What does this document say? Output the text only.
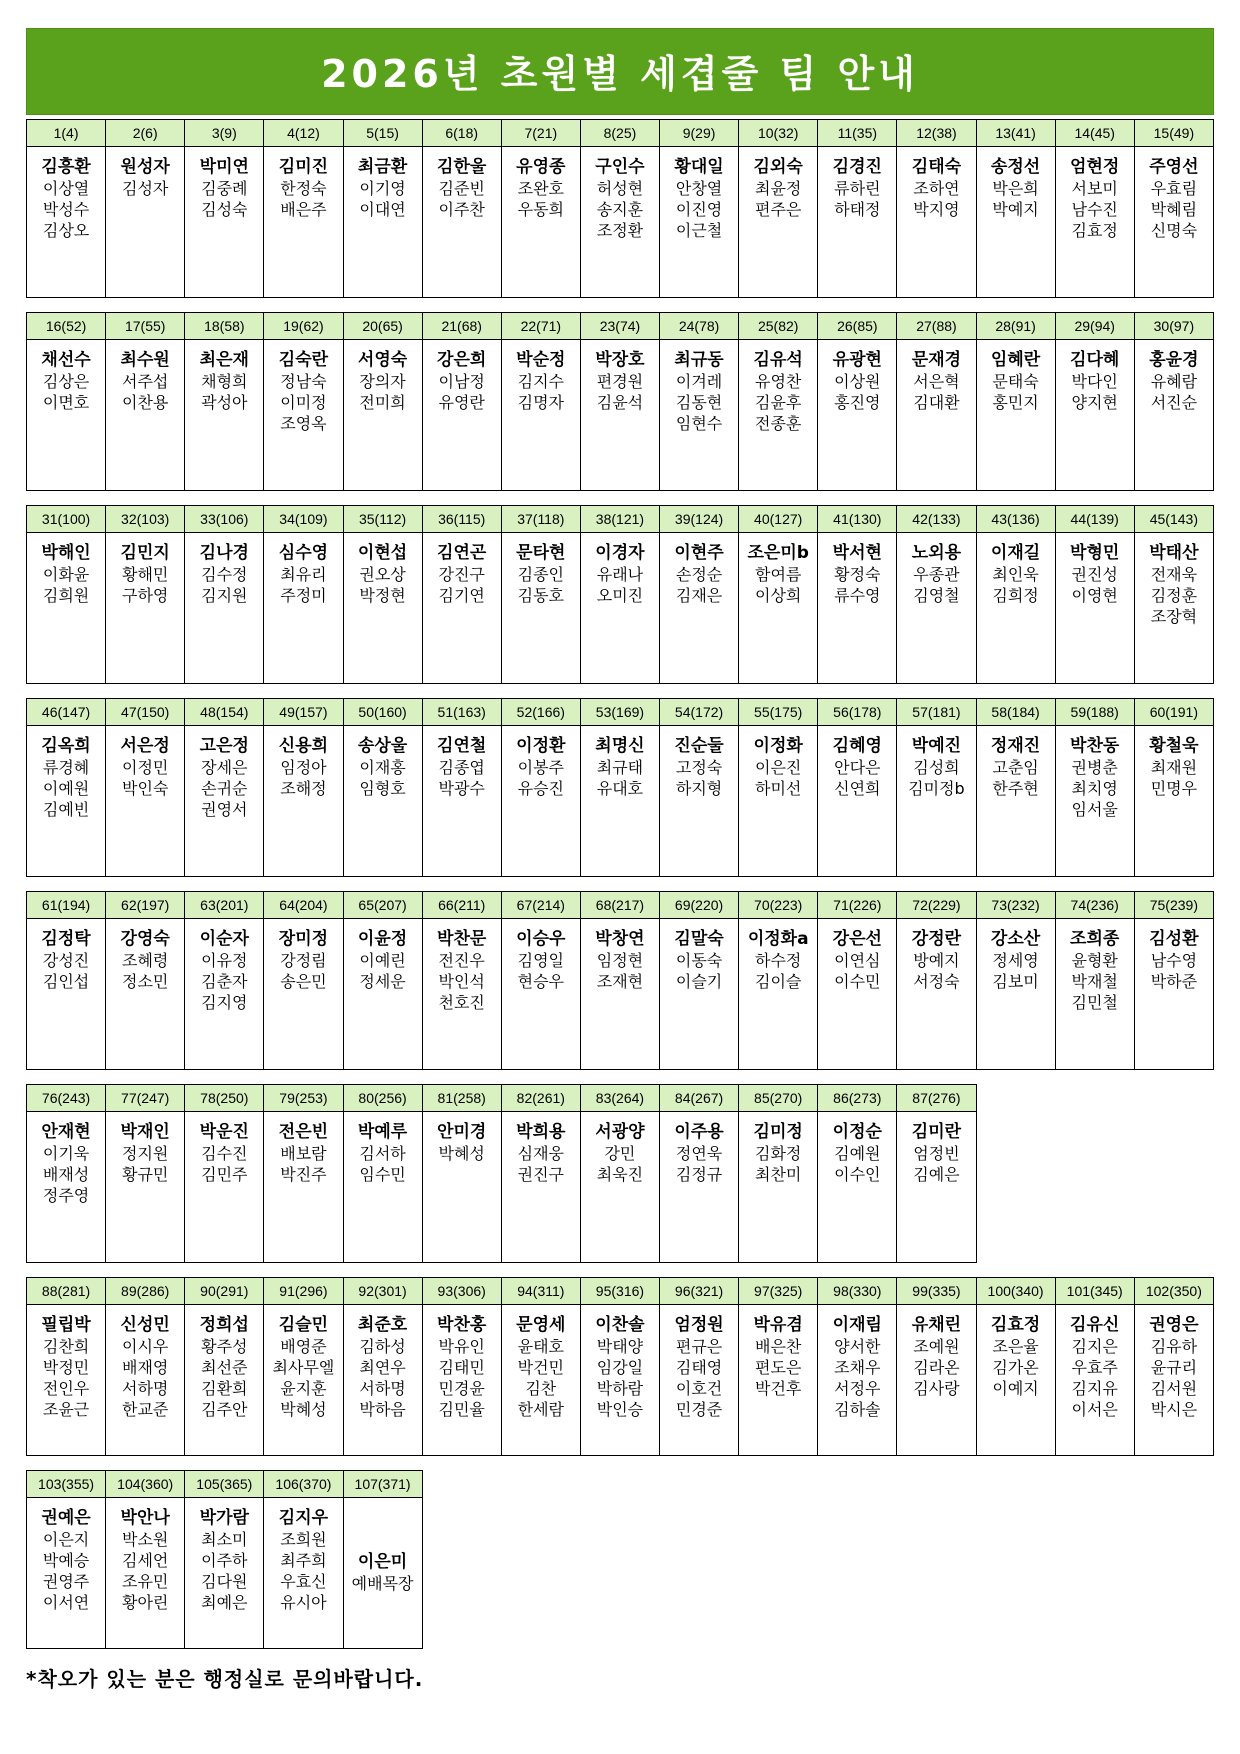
2026년 초원별 세겹줄 팀 안내
1(4)	2(6)	3(9)	4(12)	5(15)	6(18)	7(21)	8(25)	9(29)	10(32)	11(35)	12(38)	13(41)	14(45)	15(49)

김흥환
이상열
박성수
김상오

원성자
김성자

박미연
김중례
김성숙

김미진
한정숙
배은주

최금환
이기영
이대연

김한울
김준빈
이주찬

유영종
조완호
우동희

구인수
허성현
송지훈
조정환

황대일
안창열
이진영
이근철

김외숙
최윤정
편주은

김경진
류하린
하태정

김태숙
조하연
박지영

송정선
박은희
박예지

엄현정
서보미
남수진
김효정

주영선
우효림
박혜림
신명숙

16(52)	17(55)	18(58)	19(62)	20(65)	21(68)	22(71)	23(74)	24(78)	25(82)	26(85)	27(88)	28(91)	29(94)	30(97)

채선수
김상은
이면호

최수원
서주섭
이찬용

최은재
채형희
곽성아

김숙란
정남숙
이미정
조영옥

서영숙
장의자
전미희

강은희
이남정
유영란

박순정
김지수
김명자

박장호
편경원
김윤석

최규동
이겨레
김동현
임현수

김유석
유영찬
김윤후
전종훈

유광현
이상원
홍진영

문재경
서은혁
김대환

임혜란
문태숙
홍민지

김다혜
박다인
양지현

홍윤경
유혜람
서진순

31(100)	32(103)	33(106)	34(109)	35(112)	36(115)	37(118)	38(121)	39(124)	40(127)	41(130)	42(133)	43(136)	44(139)	45(143)

박해인
이화윤
김희원

김민지
황해민
구하영

김나경
김수정
김지원

심수영
최유리
주정미

이현섭
권오상
박정현

김연곤
강진구
김기연

문타현
김종인
김동호

이경자
유래나
오미진

이현주
손정순
김재은

조은미b
함여름
이상희

박서현
황정숙
류수영

노외용
우종관
김영철

이재길
최인욱
김희정

박형민
권진성
이영현

박태산
전재욱
김정훈
조장혁

46(147)	47(150)	48(154)	49(157)	50(160)	51(163)	52(166)	53(169)	54(172)	55(175)	56(178)	57(181)	58(184)	59(188)	60(191)

김옥희
류경혜
이예원
김예빈

서은정
이정민
박인숙

고은정
장세은
손귀순
권영서

신용희
임정아
조해정

송상울
이재홍
임형호

김연철
김종엽
박광수

이정환
이봉주
유승진

최명신
최규태
유대호

진순둘
고정숙
하지형

이정화
이은진
하미선

김혜영
안다은
신연희

박예진
김성희
김미정b

정재진
고춘임
한주현

박찬동
권병춘
최치영
임서울

황철욱
최재원
민명우

61(194)	62(197)	63(201)	64(204)	65(207)	66(211)	67(214)	68(217)	69(220)	70(223)	71(226)	72(229)	73(232)	74(236)	75(239)

김정탁
강성진
김인섭

강영숙
조혜령
정소민

이순자
이유정
김춘자
김지영

장미정
강정림
송은민

이윤정
이예린
정세운

박찬문
전진우
박인석
천호진

이승우
김영일
현승우

박창연
임정현
조재현

김말숙
이동숙
이슬기

이정화a
하수정
김이슬

강은선
이연심
이수민

강정란
방예지
서정숙

강소산
정세영
김보미

조희종
윤형환
박재철
김민철

김성환
남수영
박하준

76(243)	77(247)	78(250)	79(253)	80(256)	81(258)	82(261)	83(264)	84(267)	85(270)	86(273)	87(276)			

안재현
이기욱
배재성
정주영

박재인
정지원
황규민

박운진
김수진
김민주

전은빈
배보람
박진주

박예루
김서하
임수민

안미경
박혜성

박희용
심재웅
권진구

서광양
강민
최욱진

이주용
정연욱
김정규

김미정
김화정
최찬미

이정순
김예원
이수인

김미란
엄정빈
김예은

88(281)	89(286)	90(291)	91(296)	92(301)	93(306)	94(311)	95(316)	96(321)	97(325)	98(330)	99(335)	100(340)	101(345)	102(350)

필립박
김찬희
박정민
전인우
조윤근

신성민
이시우
배재영
서하명
한교준

정희섭
황주성
최선준
김환희
김주안

김슬민
배영준
최사무엘
윤지훈
박혜성

최준호
김하성
최연우
서하명
박하음

박찬홍
박유인
김태민
민경윤
김민율

문영세
윤태호
박건민
김찬
한세람

이찬솔
박태양
임강일
박하람
박인승

엄정원
편규은
김태영
이호건
민경준

박유겸
배은찬
편도은
박건후

이재림
양서한
조채우
서정우
김하솔

유채린
조예원
김라온
김사랑

김효정
조은율
김가온
이예지

김유신
김지은
우효주
김지유
이서은

권영은
김유하
윤규리
김서원
박시은

103(355)	104(360)	105(365)	106(370)	107(371)										

권예은
이은지
박예승
권영주
이서연

박안나
박소원
김세언
조유민
황아린

박가람
최소미
이주하
김다원
최예은

김지우
조희원
최주희
우효신
유시아

이은미
예배목장

*착오가 있는 분은 행정실로 문의바랍니다.
